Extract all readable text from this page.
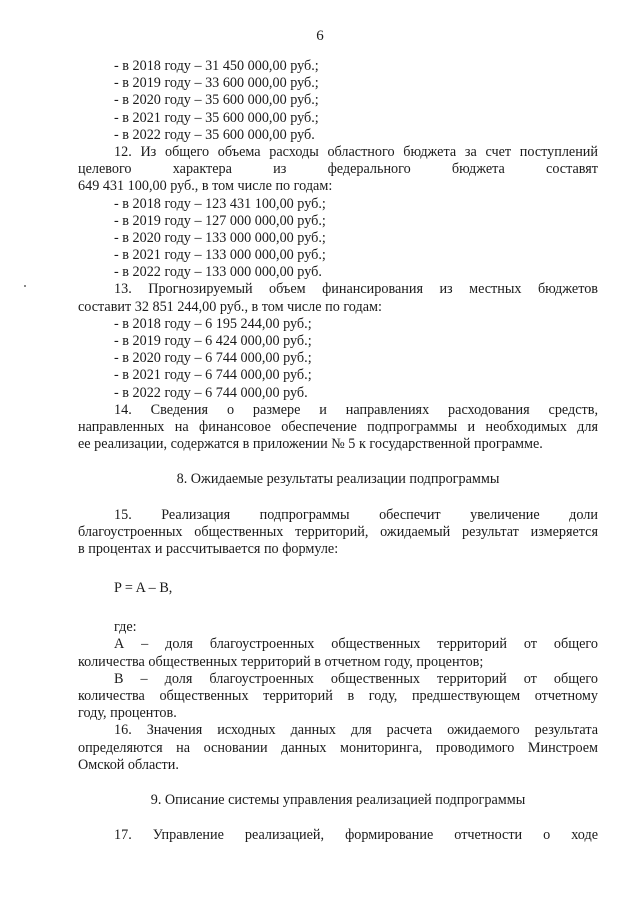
6
- в 2018 году – 31 450 000,00 руб.;
- в 2019 году – 33 600 000,00 руб.;
- в 2020 году – 35 600 000,00 руб.;
- в 2021 году – 35 600 000,00 руб.;
- в 2022 году – 35 600 000,00 руб.
12. Из общего объема расходы областного бюджета за счет поступлений
целевого характера из федерального бюджета составят
649 431 100,00 руб., в том числе по годам:
- в 2018 году – 123 431 100,00 руб.;
- в 2019 году – 127 000 000,00 руб.;
- в 2020 году – 133 000 000,00 руб.;
- в 2021 году – 133 000 000,00 руб.;
- в 2022 году – 133 000 000,00 руб.
13. Прогнозируемый объем финансирования из местных бюджетов
составит 32 851 244,00 руб., в том числе по годам:
- в 2018 году – 6 195 244,00 руб.;
- в 2019 году – 6 424 000,00 руб.;
- в 2020 году – 6 744 000,00 руб.;
- в 2021 году – 6 744 000,00 руб.;
- в 2022 году – 6 744 000,00 руб.
14. Сведения о размере и направлениях расходования средств,
направленных на финансовое обеспечение подпрограммы и необходимых для
ее реализации, содержатся в приложении № 5 к государственной программе.
8. Ожидаемые результаты реализации подпрограммы
15. Реализация подпрограммы обеспечит увеличение доли
благоустроенных общественных территорий, ожидаемый результат измеряется
в процентах и рассчитывается по формуле:
P = A – B,
где:
А – доля благоустроенных общественных территорий от общего
количества общественных территорий в отчетном году, процентов;
В – доля благоустроенных общественных территорий от общего
количества общественных территорий в году, предшествующем отчетному
году, процентов.
16. Значения исходных данных для расчета ожидаемого результата
определяются на основании данных мониторинга, проводимого Минстроем
Омской области.
9. Описание системы управления реализацией подпрограммы
17. Управление реализацией, формирование отчетности о ходе
